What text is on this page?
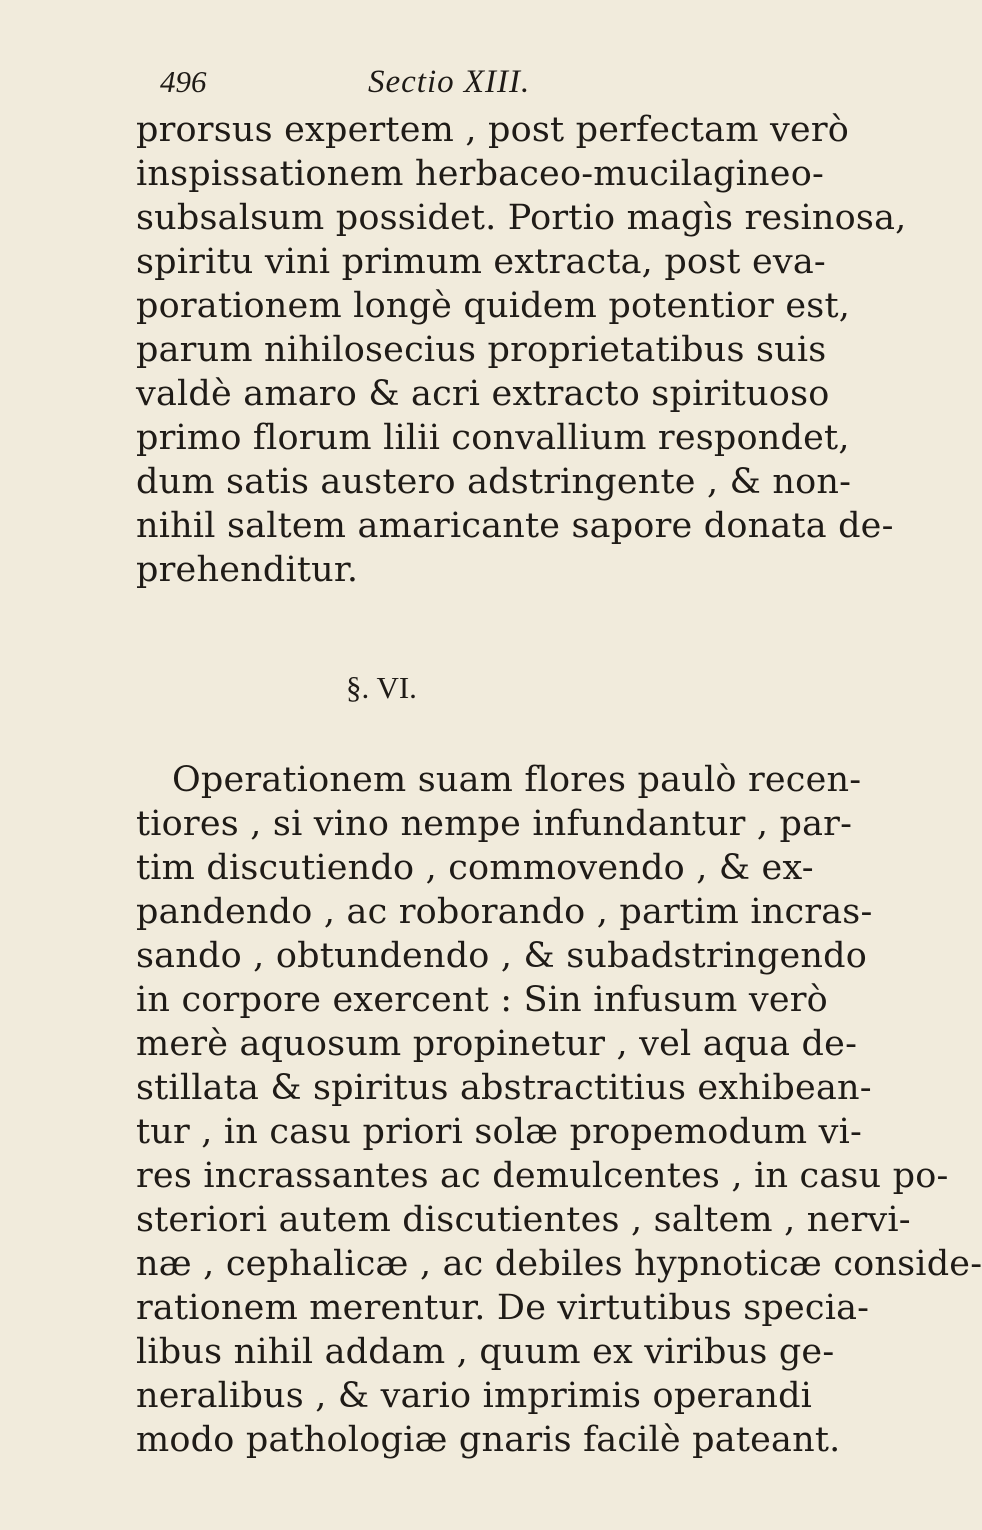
496	Sectio XIII.
prorsus expertem , post perfectam verò
inspissationem herbaceo-mucilagineo-
subsalsum possidet. Portio magìs resinosa,
spiritu vini primum extracta, post eva-
porationem longè quidem potentior est,
parum nihilosecius proprietatibus suis
valdè amaro & acri extracto spirituoso
primo florum lilii convallium respondet,
dum satis austero adstringente , & non-
nihil saltem amaricante sapore donata de-
prehenditur.
§. VI.
Operationem suam flores paulò recen-
tiores , si vino nempe infundantur , par-
tim discutiendo , commovendo , & ex-
pandendo , ac roborando , partim incras-
sando , obtundendo , & subadstringendo
in corpore exercent : Sin infusum verò
merè aquosum propinetur , vel aqua de-
stillata & spiritus abstractitius exhibean-
tur , in casu priori solæ propemodum vi-
res incrassantes ac demulcentes , in casu po-
steriori autem discutientes , saltem , nervi-
næ , cephalicæ , ac debiles hypnoticæ conside-
rationem merentur. De virtutibus specia-
libus nihil addam , quum ex viribus ge-
neralibus , & vario imprimis operandi
modo pathologiæ gnaris facilè pateant.
